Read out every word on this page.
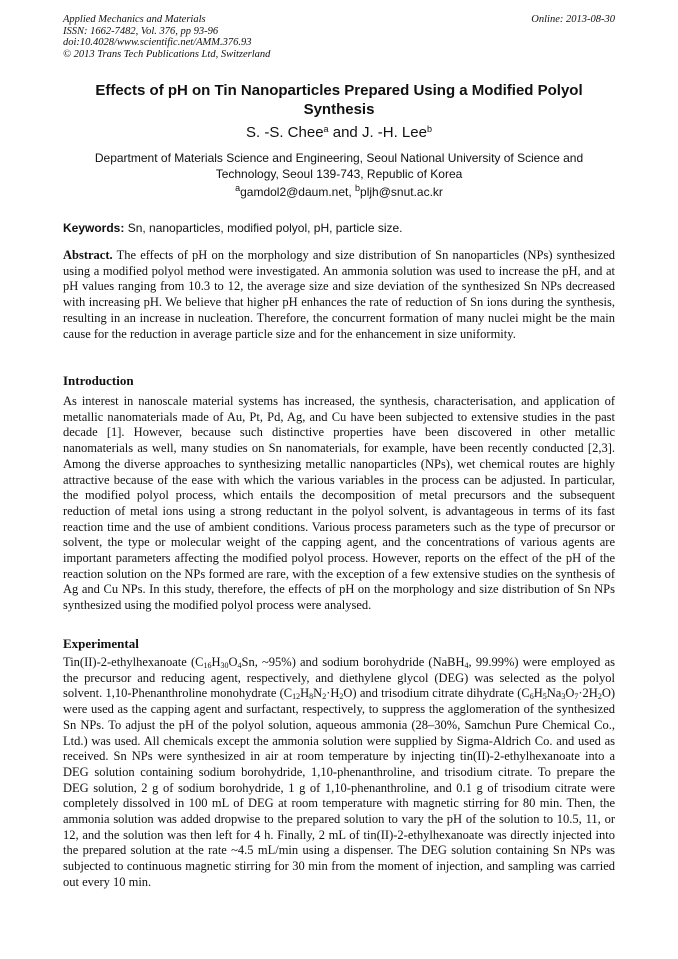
Applied Mechanics and Materials
ISSN: 1662-7482, Vol. 376, pp 93-96
doi:10.4028/www.scientific.net/AMM.376.93
© 2013 Trans Tech Publications Ltd, Switzerland
Online: 2013-08-30
Effects of pH on Tin Nanoparticles Prepared Using a Modified Polyol Synthesis
S. -S. Chee$^a$ and J. -H. Lee$^b$
Department of Materials Science and Engineering, Seoul National University of Science and Technology, Seoul 139-743, Republic of Korea
$^a$gamdol2@daum.net, $^b$pljh@snut.ac.kr
Keywords: Sn, nanoparticles, modified polyol, pH, particle size.
Abstract. The effects of pH on the morphology and size distribution of Sn nanoparticles (NPs) synthesized using a modified polyol method were investigated. An ammonia solution was used to increase the pH, and at pH values ranging from 10.3 to 12, the average size and size deviation of the synthesized Sn NPs decreased with increasing pH. We believe that higher pH enhances the rate of reduction of Sn ions during the synthesis, resulting in an increase in nucleation. Therefore, the concurrent formation of many nuclei might be the main cause for the reduction in average particle size and for the enhancement in size uniformity.
Introduction
As interest in nanoscale material systems has increased, the synthesis, characterisation, and application of metallic nanomaterials made of Au, Pt, Pd, Ag, and Cu have been subjected to extensive studies in the past decade [1]. However, because such distinctive properties have been discovered in other metallic nanomaterials as well, many studies on Sn nanomaterials, for example, have been recently conducted [2,3]. Among the diverse approaches to synthesizing metallic nanoparticles (NPs), wet chemical routes are highly attractive because of the ease with which the various variables in the process can be adjusted. In particular, the modified polyol process, which entails the decomposition of metal precursors and the subsequent reduction of metal ions using a strong reductant in the polyol solvent, is advantageous in terms of its fast reaction time and the use of ambient conditions. Various process parameters such as the type of precursor or solvent, the type or molecular weight of the capping agent, and the concentrations of various agents are important parameters affecting the modified polyol process. However, reports on the effect of the pH of the reaction solution on the NPs formed are rare, with the exception of a few extensive studies on the synthesis of Ag and Cu NPs. In this study, therefore, the effects of pH on the morphology and size distribution of Sn NPs synthesized using the modified polyol process were analysed.
Experimental
Tin(II)-2-ethylhexanoate ($C_{16}H_{30}O_4Sn$, ~95%) and sodium borohydride (NaBH$_4$, 99.99%) were employed as the precursor and reducing agent, respectively, and diethylene glycol (DEG) was selected as the polyol solvent. 1,10-Phenanthroline monohydrate $(C_{12}H_8N_2\cdot H_2O)$ and trisodium citrate dihydrate $(C_6H_5Na_3O_7\cdot 2H_2O)$ were used as the capping agent and surfactant, respectively, to suppress the agglomeration of the synthesized Sn NPs. To adjust the pH of the polyol solution, aqueous ammonia (28–30%, Samchun Pure Chemical Co., Ltd.) was used. All chemicals except the ammonia solution were supplied by Sigma-Aldrich Co. and used as received. Sn NPs were synthesized in air at room temperature by injecting tin(II)-2-ethylhexanoate into a DEG solution containing sodium borohydride, 1,10-phenanthroline, and trisodium citrate. To prepare the DEG solution, 2 g of sodium borohydride, 1 g of 1,10-phenanthroline, and 0.1 g of trisodium citrate were completely dissolved in 100 mL of DEG at room temperature with magnetic stirring for 80 min. Then, the ammonia solution was added dropwise to the prepared solution to vary the pH of the solution to 10.5, 11, or 12, and the solution was then left for 4 h. Finally, 2 mL of tin(II)-2-ethylhexanoate was directly injected into the prepared solution at the rate ~4.5 mL/min using a dispenser. The DEG solution containing Sn NPs was subjected to continuous magnetic stirring for 30 min from the moment of injection, and sampling was carried out every 10 min.
